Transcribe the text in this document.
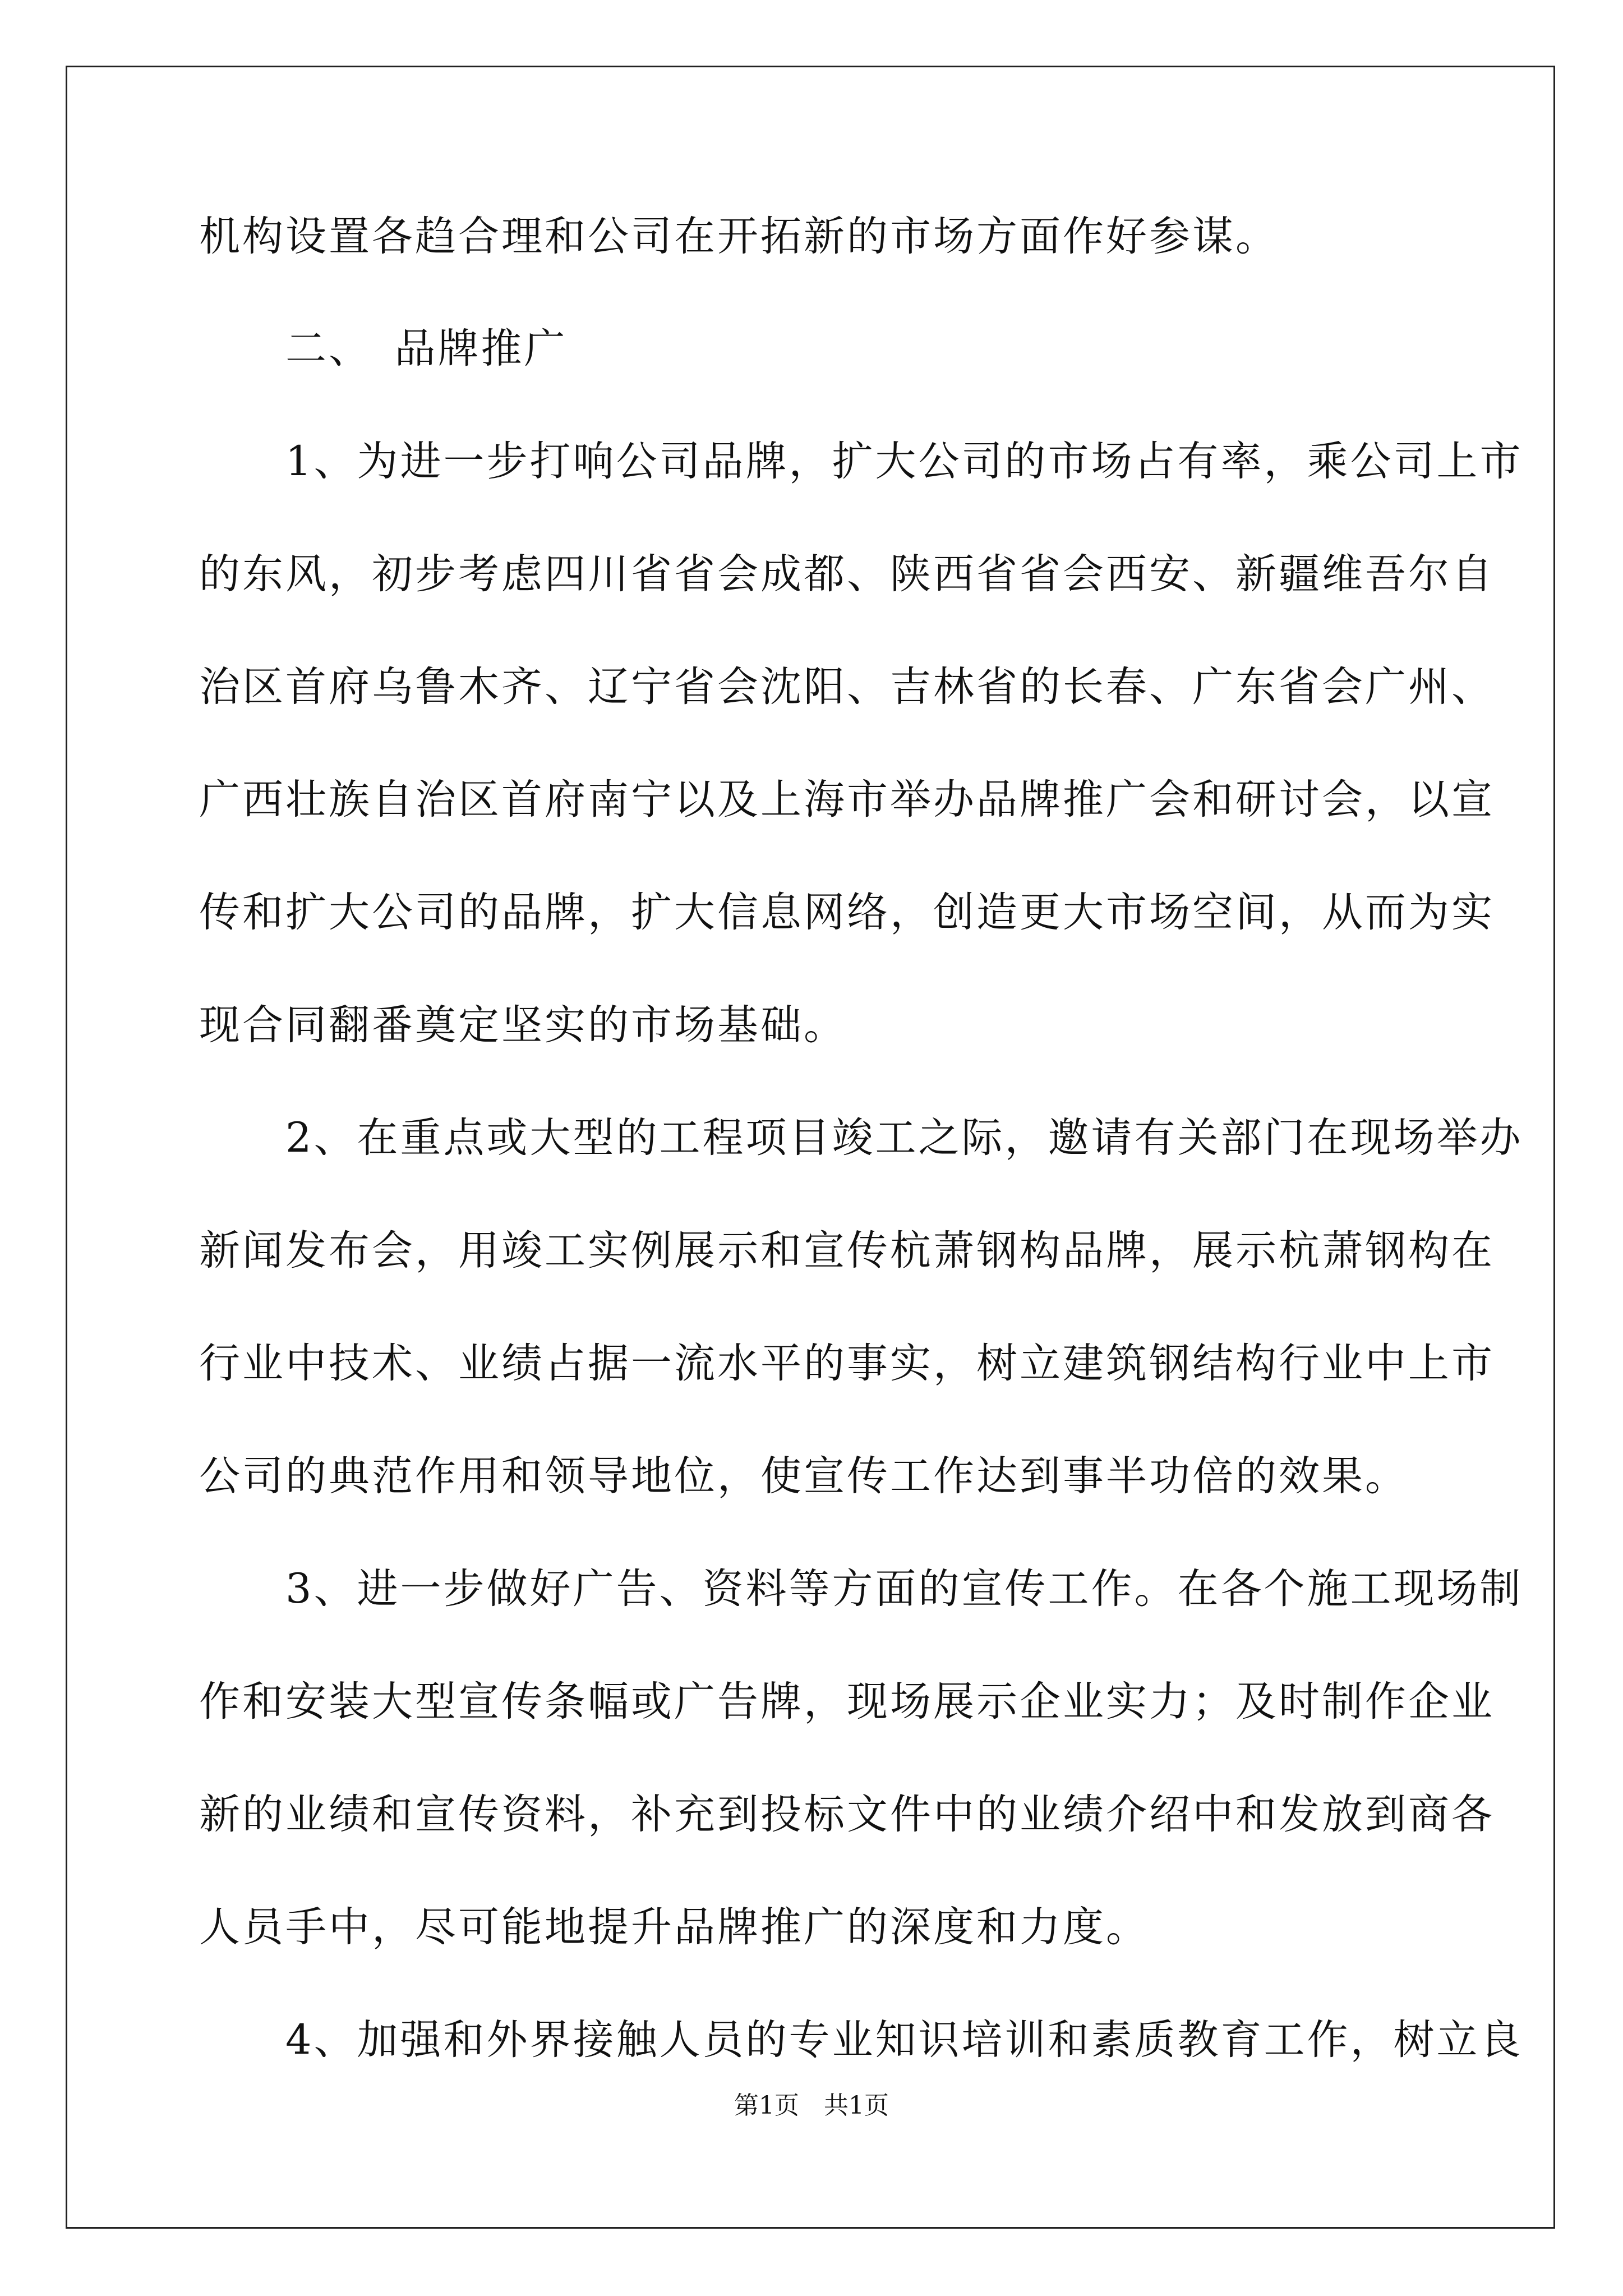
机构设置各趋合理和公司在开拓新的市场方面作好参谋。
　　二、　品牌推广
　　1、为进一步打响公司品牌，扩大公司的市场占有率，乘公司上市
的东风，初步考虑四川省省会成都、陕西省省会西安、新疆维吾尔自
治区首府乌鲁木齐、辽宁省会沈阳、吉林省的长春、广东省会广州、
广西壮族自治区首府南宁以及上海市举办品牌推广会和研讨会，以宣
传和扩大公司的品牌，扩大信息网络，创造更大市场空间，从而为实
现合同翻番奠定坚实的市场基础。
　　2、在重点或大型的工程项目竣工之际，邀请有关部门在现场举办
新闻发布会，用竣工实例展示和宣传杭萧钢构品牌，展示杭萧钢构在
行业中技术、业绩占据一流水平的事实，树立建筑钢结构行业中上市
公司的典范作用和领导地位，使宣传工作达到事半功倍的效果。
　　3、进一步做好广告、资料等方面的宣传工作。在各个施工现场制
作和安装大型宣传条幅或广告牌，现场展示企业实力；及时制作企业
新的业绩和宣传资料，补充到投标文件中的业绩介绍中和发放到商各
人员手中，尽可能地提升品牌推广的深度和力度。
　　4、加强和外界接触人员的专业知识培训和素质教育工作，树立良
第1页　共1页
